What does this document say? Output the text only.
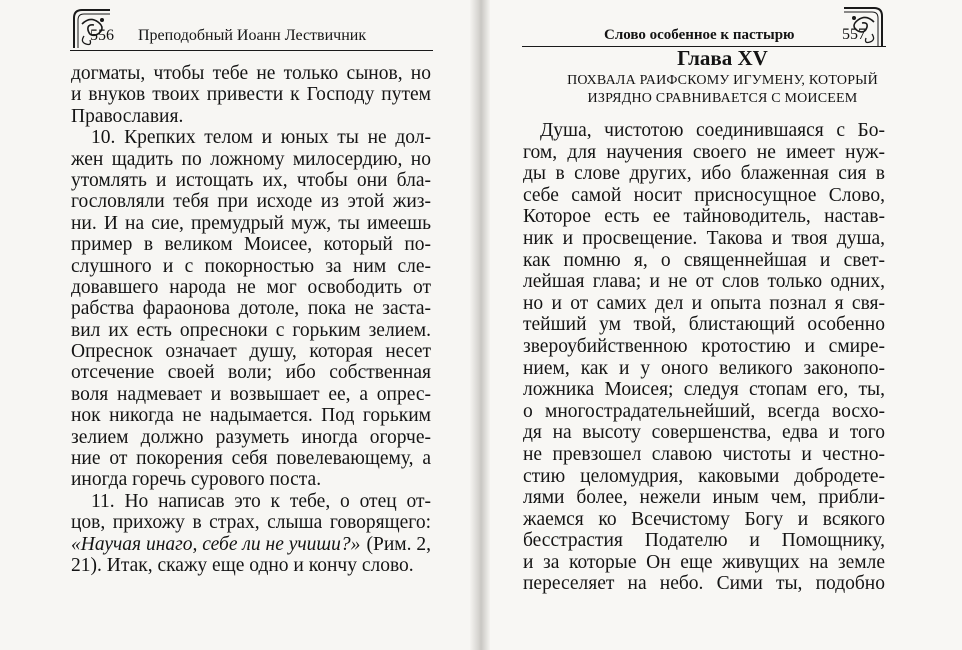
556 Преподобный Иоанн Лествичник	Слово особенное к пастырю	557
догматы, чтобы тебе не только сынов, но
и внуков твоих привести к Господу путем
Православия.
10. Крепких телом и юных ты не дол-
жен щадить по ложному милосердию, но
утомлять и истощать их, чтобы они бла-
гословляли тебя при исходе из этой жиз-
ни. И на сие, премудрый муж, ты имеешь
пример в великом Моисее, который по-
слушного и с покорностью за ним сле-
довавшего народа не мог освободить от
рабства фараонова дотоле, пока не застa-
вил их есть опресноки с горьким зелием.
Опреснок означает душу, которая несет
отсечение своей воли; ибо собственная
воля надмевает и возвышает ее, а опрес-
нок никогда не надымается. Под горьким
зелием должно разуметь иногда огорче-
ние от покорения себя повелевающему, а
иногда горечь сурового поста.
11. Но написав это к тебе, о отец от-
цов, прихожу в страх, слыша говорящего:
«Научая инаго, себе ли не учиши?» (Рим. 2,
21). Итак, скажу еще одно и кончу слово.
Глава XV
ПОХВАЛА РАИФСКОМУ ИГУМЕНУ, КОТОРЫЙ
ИЗРЯДНО СРАВНИВАЕТСЯ С МОИСЕЕМ
Душа, чистотою соединившаяся с Бо-
гом, для научения своего не имеет нуж-
ды в слове других, ибо блаженная сия в
себе самой носит присносущное Слово,
Которое есть ее тайноводитель, настав-
ник и просвещение. Такова и твоя душа,
как помню я, о священнейшая и свет-
лейшая глава; и не от слов только одних,
но и от самих дел и опыта познал я свя-
тейший ум твой, блистающий особенно
звероубийственною кротостию и смире-
нием, как и у оного великого законопо-
ложника Моисея; следуя стопам его, ты,
о многострадательнейший, всегда восхо-
дя на высоту совершенства, едва и того
не превзошел славою чистоты и честно-
стию целомудрия, каковыми добродете-
лями более, нежели иным чем, прибли-
жаемся ко Всечистому Богу и всякого
бесстрастия Подателю и Помощнику,
и за которые Он еще живущих на земле
переселяет на небо. Сими ты, подобно
